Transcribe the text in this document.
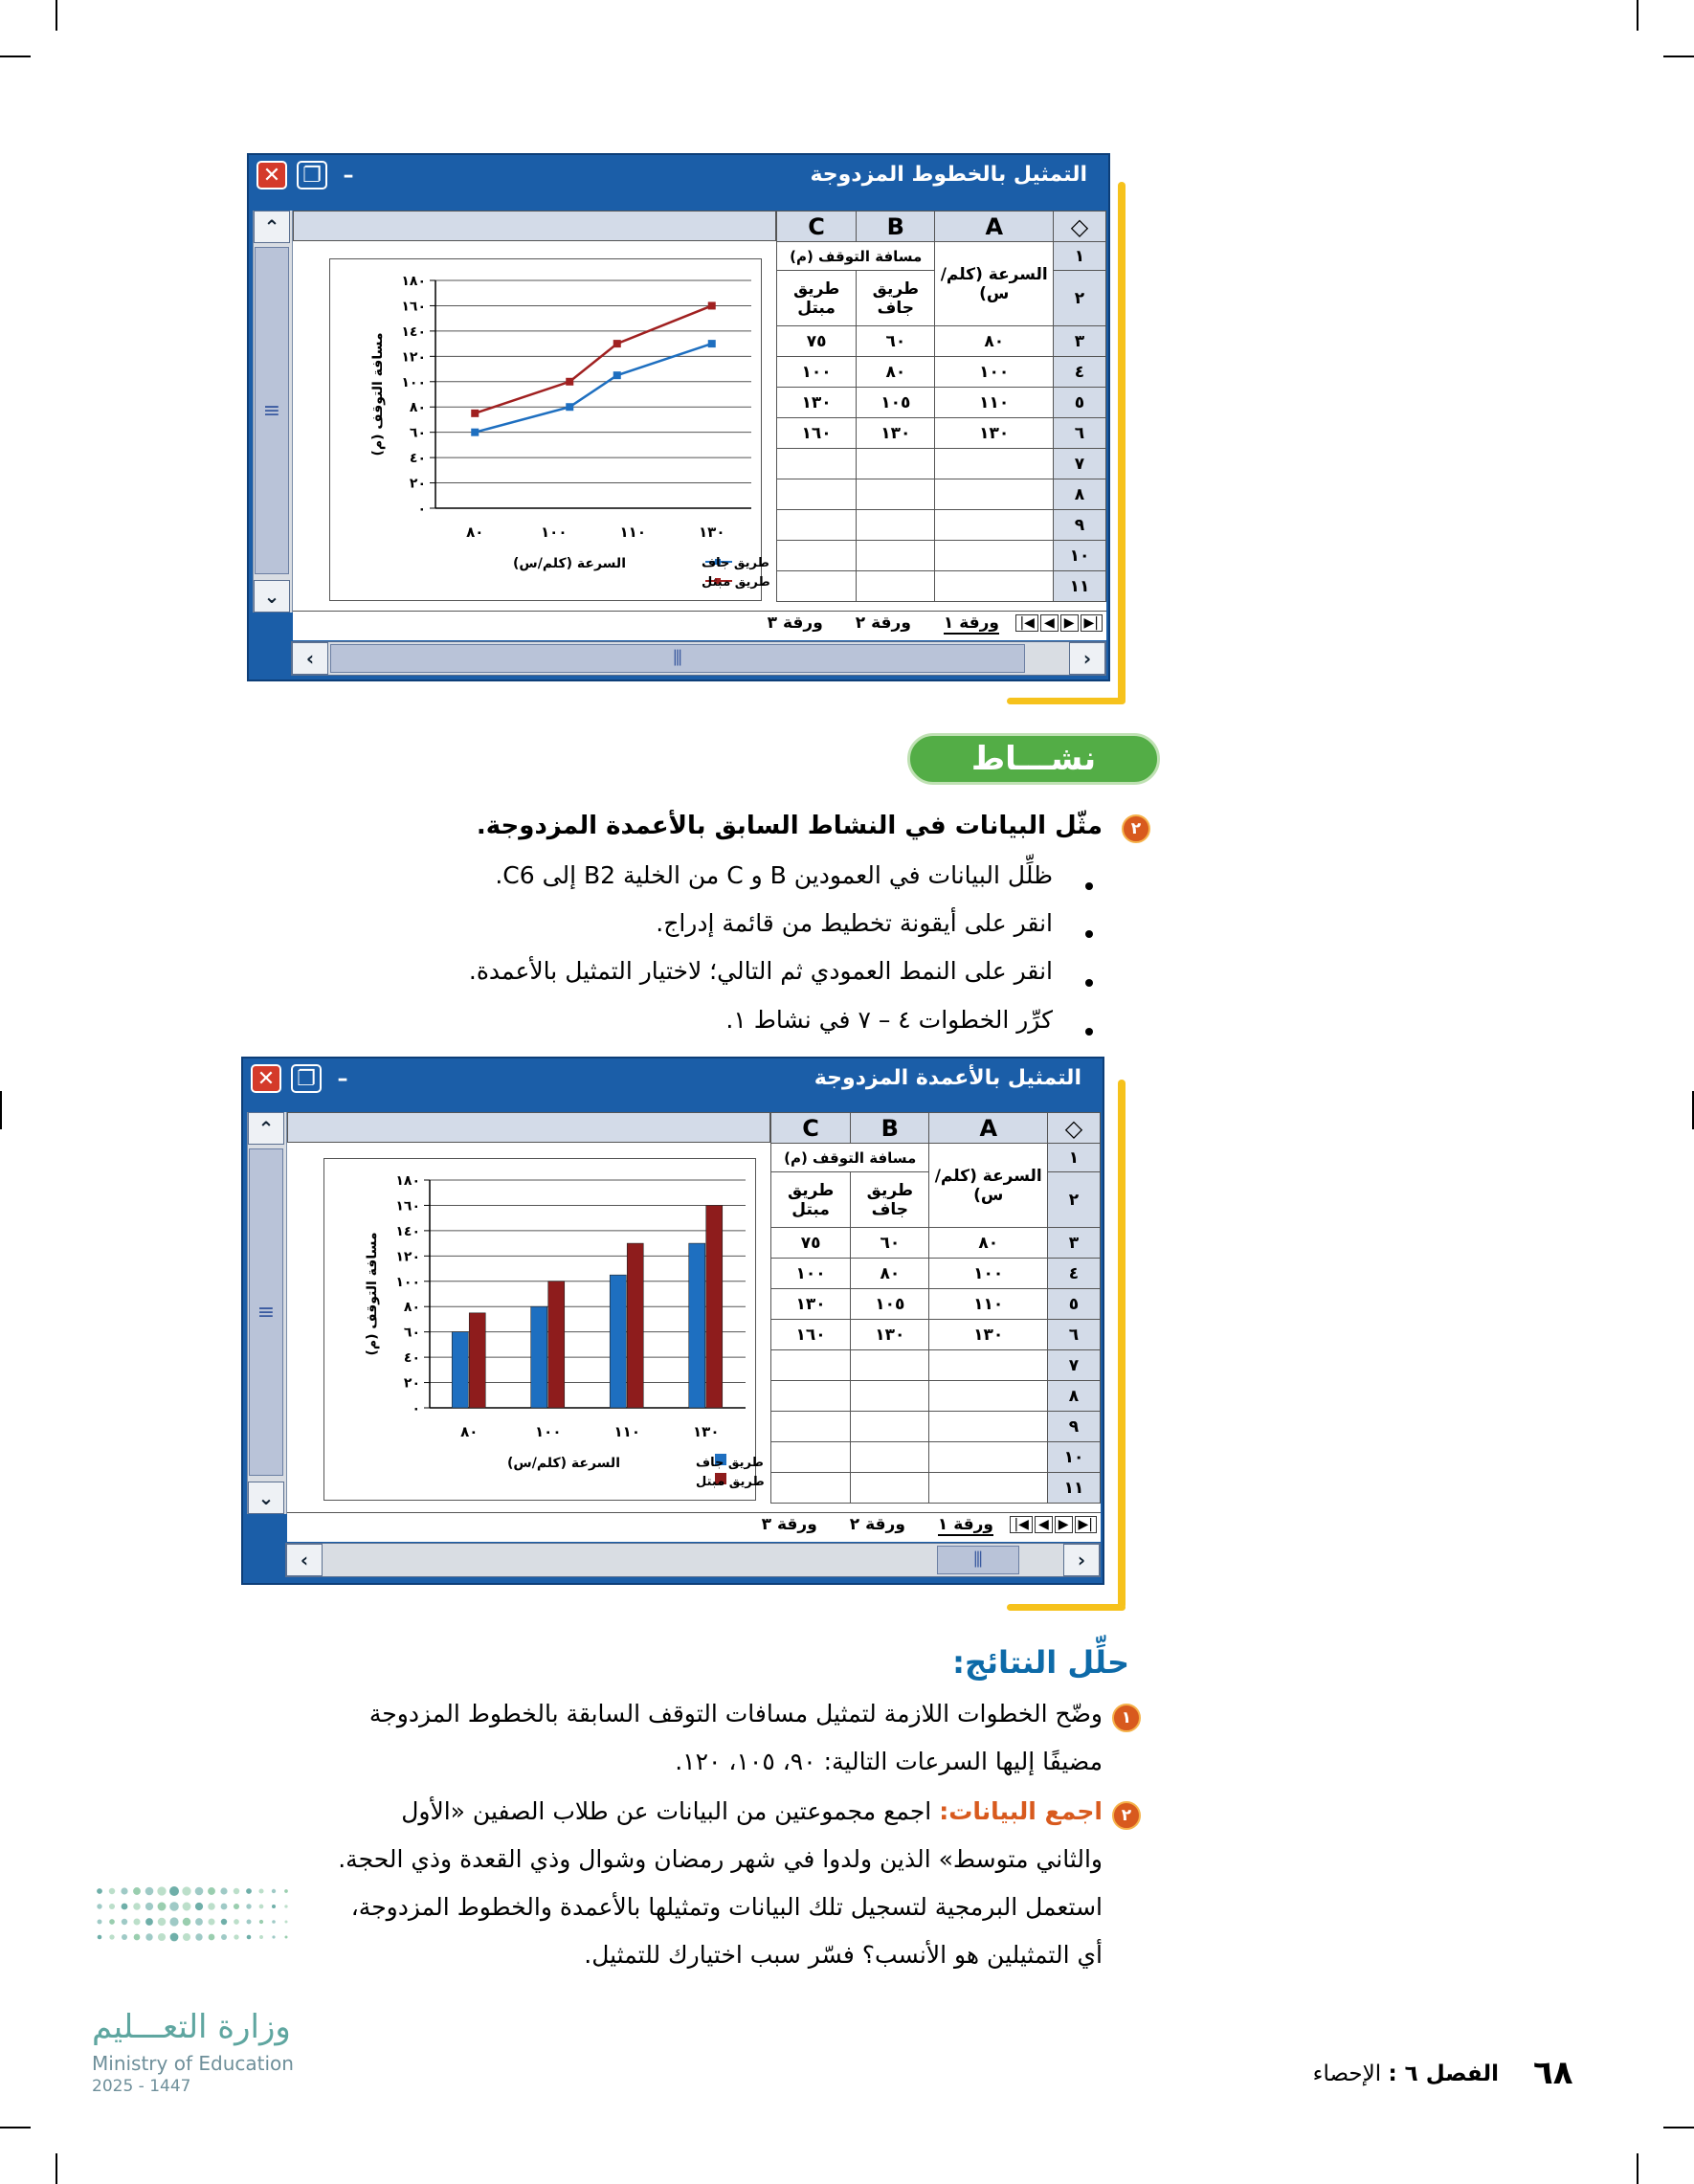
التمثيل بالخطوط المزدوجة
✕	❐ –
◇	A	B	C
١	السرعة (كلم/س)	مسافة التوقف (م)	
٢		طريق جاف	طريق مبتل
٣	٨٠	٦٠	٧٥
٤	١٠٠	٨٠	١٠٠
٥	١١٠	١٠٥	١٣٠
٦	١٣٠	١٣٠	١٦٠
٧			
٨			
٩			
١٠			
١١			
٠
٢٠
٤٠
٦٠
٨٠
١٠٠
١٢٠
١٤٠
١٦٠
١٨٠
٨٠	١٠٠	١١٠	١٣٠
مسافة التوقف (م)
السرعة (كلم/س)	طريق جاف
طريق مبتل
⌃
≡
⌄
|◀ ◀ ▶ ▶|
ورقة ١
ورقة ٢
ورقة ٣
‹	⦀	›
نشـــاط
٢
مثّل البيانات في النشاط السابق بالأعمدة المزدوجة.
ظلِّل البيانات في العمودين B و C من الخلية B2 إلى C6.
انقر على أيقونة تخطيط من قائمة إدراج.
انقر على النمط العمودي ثم التالي؛ لاختيار التمثيل بالأعمدة.
كرِّر الخطوات ٤ – ٧ في نشاط ١.
التمثيل بالأعمدة المزدوجة
✕	❐ –
◇	A	B	C
١	السرعة (كلم/س)	مسافة التوقف (م)	
٢		طريق جاف	طريق مبتل
٣	٨٠	٦٠	٧٥
٤	١٠٠	٨٠	١٠٠
٥	١١٠	١٠٥	١٣٠
٦	١٣٠	١٣٠	١٦٠
٧			
٨			
٩			
١٠			
١١			
٠
٢٠
٤٠
٦٠
٨٠
١٠٠
١٢٠
١٤٠
١٦٠
١٨٠
٨٠	١٠٠	١١٠	١٣٠
مسافة التوقف (م)
السرعة (كلم/س)	طريق جاف
طريق مبتل
⌃
≡
⌄
|◀ ◀ ▶ ▶|
ورقة ١
ورقة ٢
ورقة ٣
‹	⦀	›
حلِّل النتائج:
١
وضّح الخطوات اللازمة لتمثيل مسافات التوقف السابقة بالخطوط المزدوجة
مضيفًا إليها السرعات التالية: ٩٠، ١٠٥، ١٢٠.
٢
اجمع البيانات: اجمع مجموعتين من البيانات عن طلاب الصفين «الأول
والثاني متوسط» الذين ولدوا في شهر رمضان وشوال وذي القعدة وذي الحجة.
استعمل البرمجية لتسجيل تلك البيانات وتمثيلها بالأعمدة والخطوط المزدوجة،
أي التمثيلين هو الأنسب؟ فسّر سبب اختيارك للتمثيل.
وزارة التعـــليم
Ministry of Education
2025 - 1447	٦٨
الفصل ٦ : الإحصاء
